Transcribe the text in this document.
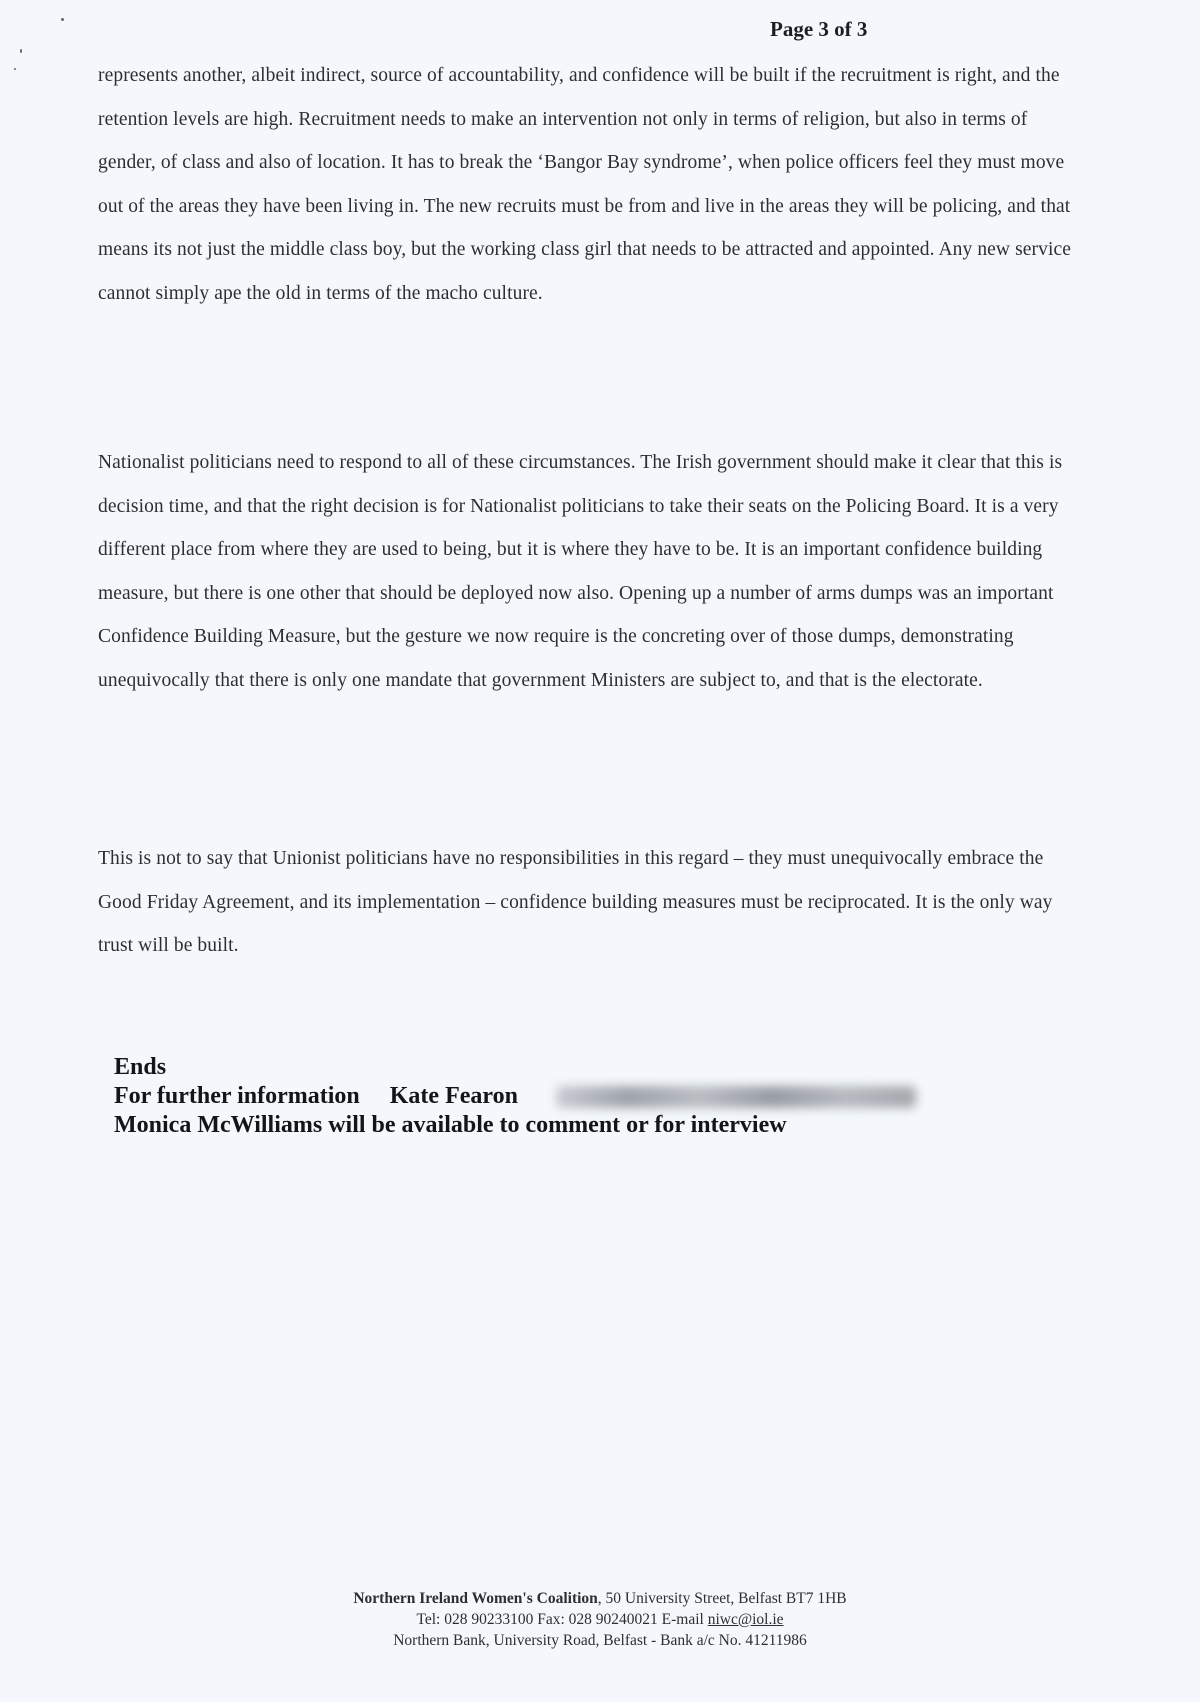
Page 3 of 3

represents another, albeit indirect, source of accountability, and confidence will be built if the recruitment is right, and the retention levels are high. Recruitment needs to make an intervention not only in terms of religion, but also in terms of gender, of class and also of location. It has to break the ‘Bangor Bay syndrome’, when police officers feel they must move out of the areas they have been living in. The new recruits must be from and live in the areas they will be policing, and that means its not just the middle class boy, but the working class girl that needs to be attracted and appointed. Any new service cannot simply ape the old in terms of the macho culture.

Nationalist politicians need to respond to all of these circumstances. The Irish government should make it clear that this is decision time, and that the right decision is for Nationalist politicians to take their seats on the Policing Board. It is a very different place from where they are used to being, but it is where they have to be. It is an important confidence building measure, but there is one other that should be deployed now also. Opening up a number of arms dumps was an important Confidence Building Measure, but the gesture we now require is the concreting over of those dumps, demonstrating unequivocally that there is only one mandate that government Ministers are subject to, and that is the electorate.

This is not to say that Unionist politicians have no responsibilities in this regard – they must unequivocally embrace the Good Friday Agreement, and its implementation – confidence building measures must be reciprocated. It is the only way trust will be built.

Ends
For further information Kate Fearon
Monica McWilliams will be available to comment or for interview
Northern Ireland Women's Coalition, 50 University Street, Belfast BT7 1HB
Tel: 028 90233100 Fax: 028 90240021 E-mail niwc@iol.ie
Northern Bank, University Road, Belfast - Bank a/c No. 41211986
